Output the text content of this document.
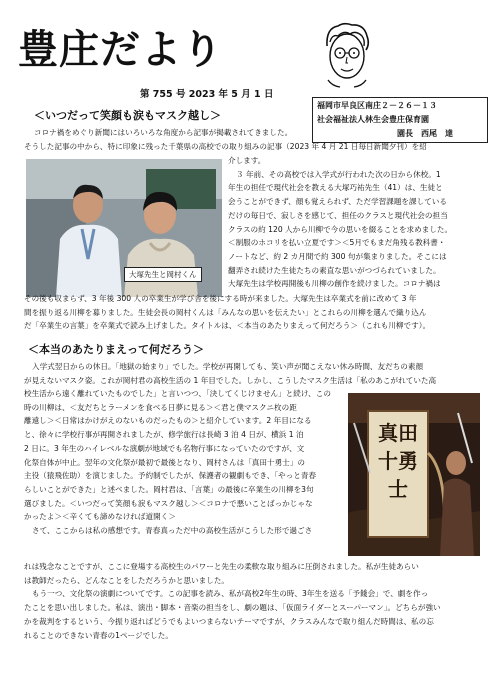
豊庄だより
第 755 号 2023 年 5 月 1 日
福岡市早良区南庄２－２６－１３
社会福祉法人林生会豊庄保育園
園長　西尾　達
＜いつだって笑顔も涙もマスク越し＞

コロナ禍をめぐり新聞にはいろいろな角度から記事が掲載されてきました。

そうした記事の中から、特に印象に残った千葉県の高校での取り組みの記事（2023 年 4 月 21 日毎日新聞夕刊）を紹

大塚先生と岡村くん

介します。

３ 年前、その高校では入学式が行われた次の日から休校。1

年生の担任で現代社会を教える大塚巧祐先生（41）は、生徒と

会うことができず、顔も覚えられず、ただ学習課題を課している

だけの毎日で、寂しさを感じて、担任のクラスと現代社会の担当

クラスの約 120 人から川柳で今の思いを綴ることを求めました。

＜制服のホコリを払い立夏です＞＜5月でもまだ角残る教科書・

ノートなど、約 2 カ月間で約 300 句が集まりました。そこには

翻弄され続けた生徒たちの素直な思いがつづられていました。

大塚先生は学校再開後も川柳の創作を続けました。コロナ禍は

その後も収まらず、3 年後 300 人の卒業生が学び舎を後にする時が来ました。大塚先生は卒業式を前に改めて 3 年

間を振り返る川柳を募りました。生徒会長の岡村くんは「みんなの思いを伝えたい」とこれらの川柳を選んで織り込ん

だ「卒業生の言葉」を卒業式で読み上げました。タイトルは、＜本当のあたりまえって何だろう＞（これも川柳です）。

＜本当のあたりまえって何だろう＞

入学式翌日からの休日。「地獄の始まり」でした。学校が再開しても、笑い声が聞こえない休み時間、友だちの素顔

が見えないマスク姿。これが岡村君の高校生活の 1 年目でした。しかし、こうしたマスク生活は「私のあこがれていた高

校生活から遠く離れていたものでした」と言いつつ、「決してくじけません」と続け、この

時の川柳は、＜友だちとラーメンを食べる日夢に見る＞＜君と僕マスクニ枚の距

離遠し＞＜日常はかけがえのないものだったもの＞と紹介しています。2 年目になる

と、徐々に学校行事が再開されましたが、修学旅行は長崎 3 泊 4 日が、横浜 1 泊

2 日に。3 年生のハイレベルな演劇が地域でも名物行事になっていたのですが、文

化祭自体が中止。翌年の文化祭が最初で最後となり、岡村さんは「真田十勇士」の

主役（猿飛佐助）を演じました。予約制でしたが、保護者の観劇もでき、「やっと青春

らしいことができた」と述べました。岡村君は、「言葉」の最後に卒業生の川柳を3句

選びました。＜いつだって笑顔も涙もマスク越し＞＜コロナで悪いことばっかじゃな

かったよ＞＜辛くても諦めなければ道開く＞

さて、ここからは私の感想です。青春真っただ中の高校生活がこうした形で過ごさ

真田十勇士

れは残念なことですが、ここに登場する高校生のパワーと先生の柔軟な取り組みに圧倒されました。私が生徒あらい

は教師だったら、どんなことをしただろうかと思いました。

もう一つ、文化祭の演劇についてです。この記事を読み、私が高校2年生の時、3年生を送る「予餞会」で、劇を作っ

たことを思い出しました。私は、演出・脚本・音楽の担当をし、劇の題は、「仮面ライダーとスーパーマン」。どちらが強い

かを裁判をするという、今振り返ればどうでもよいつまらないテーマですが、クラスみんなで取り組んだ時間は、私の忘

れることのできない青春の1ページでした。
